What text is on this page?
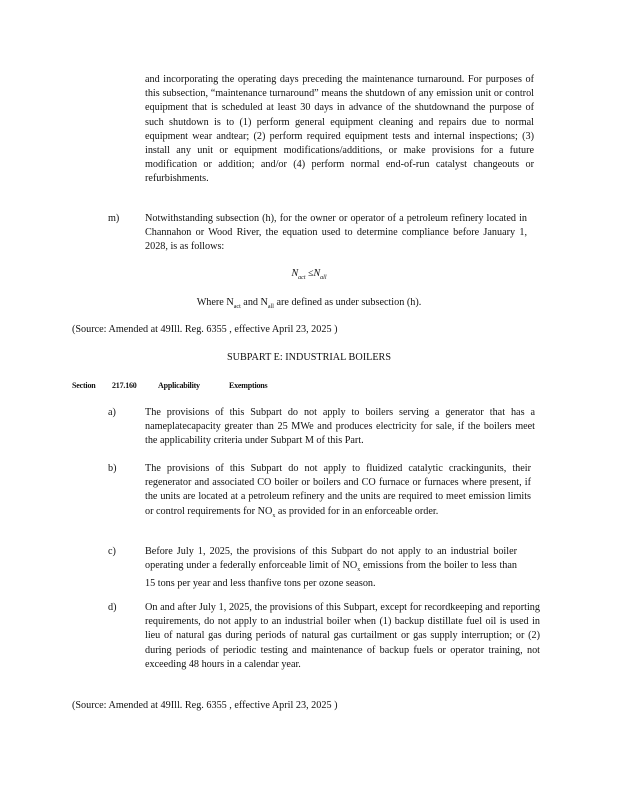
and incorporating the operating days preceding the maintenance turnaround. For purposes of this subsection, “maintenance turnaround” means the shutdown of any emission unit or control equipment that is scheduled at least 30 days in advance of the shutdownand the purpose of such shutdown is to (1) perform general equipment cleaning and repairs due to normal equipment wear andtear; (2) perform required equipment tests and internal inspections; (3) install any unit or equipment modifications/additions, or make provisions for a future modification or addition; and/or (4) perform normal end-of-run catalyst changeouts or refurbishments.
m)	Notwithstanding subsection (h), for the owner or operator of a petroleum refinery located in Channahon or Wood River, the equation used to determine compliance before January 1, 2028, is as follows:
$N_{act} \le N_{all}$
Where $N_{act}$ and $N_{all}$ are defined as under subsection (h).
(Source: Amended at 49Ill. Reg. 6355 , effective April 23, 2025 )
SUBPART E: INDUSTRIAL BOILERS
Section 217.160	Applicability	Exemptions
a)	The provisions of this Subpart do not apply to boilers serving a generator that has a nameplatecapacity greater than 25 MWe and produces electricity for sale, if the boilers meet the applicability criteria under Subpart M of this Part.
b)	The provisions of this Subpart do not apply to fluidized catalytic crackingunits, their regenerator and associated CO boiler or boilers and CO furnace or furnaces where present, if the units are located at a petroleum refinery and the units are required to meet emission limits or control requirements for $NO_x$ as provided for in an enforceable order.
c)	Before July 1, 2025, the provisions of this Subpart do not apply to an industrial boiler operating under a federally enforceable limit of $NO_x$ emissions from the boiler to less than 15 tons per year and less thanfive tons per ozone season.
d)	On and after July 1, 2025, the provisions of this Subpart, except for recordkeeping and reporting requirements, do not apply to an industrial boiler when (1) backup distillate fuel oil is used in lieu of natural gas during periods of natural gas curtailment or gas supply interruption; or (2) during periods of periodic testing and maintenance of backup fuels or operator training, not exceeding 48 hours in a calendar year.
(Source: Amended at 49Ill. Reg. 6355 , effective April 23, 2025 )
